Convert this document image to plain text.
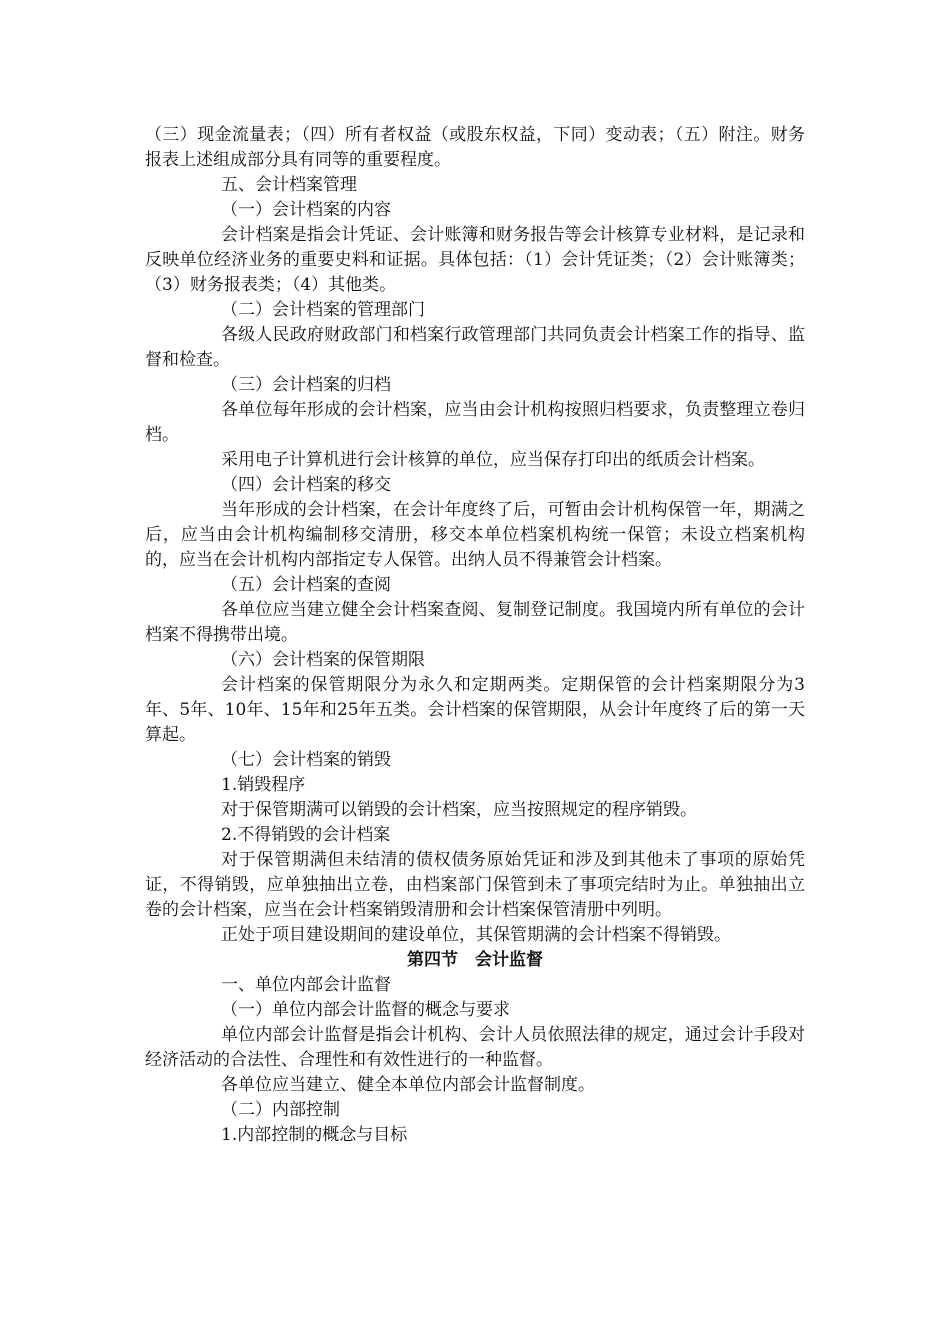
（三）现金流量表；（四）所有者权益（或股东权益，下同）变动表；（五）附注。财务报表上述组成部分具有同等的重要程度。

五、会计档案管理

（一）会计档案的内容

会计档案是指会计凭证、会计账簿和财务报告等会计核算专业材料，是记录和反映单位经济业务的重要史料和证据。具体包括：（1）会计凭证类；（2）会计账簿类；（3）财务报表类；（4）其他类。

（二）会计档案的管理部门

各级人民政府财政部门和档案行政管理部门共同负责会计档案工作的指导、监督和检查。

（三）会计档案的归档

各单位每年形成的会计档案，应当由会计机构按照归档要求，负责整理立卷归档。

采用电子计算机进行会计核算的单位，应当保存打印出的纸质会计档案。

（四）会计档案的移交

当年形成的会计档案，在会计年度终了后，可暂由会计机构保管一年，期满之后，应当由会计机构编制移交清册，移交本单位档案机构统一保管；未设立档案机构的，应当在会计机构内部指定专人保管。出纳人员不得兼管会计档案。

（五）会计档案的查阅

各单位应当建立健全会计档案查阅、复制登记制度。我国境内所有单位的会计档案不得携带出境。

（六）会计档案的保管期限

会计档案的保管期限分为永久和定期两类。定期保管的会计档案期限分为3年、5年、10年、15年和25年五类。会计档案的保管期限，从会计年度终了后的第一天算起。

（七）会计档案的销毁

1.销毁程序

对于保管期满可以销毁的会计档案，应当按照规定的程序销毁。

2.不得销毁的会计档案

对于保管期满但未结清的债权债务原始凭证和涉及到其他未了事项的原始凭证，不得销毁，应单独抽出立卷，由档案部门保管到未了事项完结时为止。单独抽出立卷的会计档案，应当在会计档案销毁清册和会计档案保管清册中列明。

正处于项目建设期间的建设单位，其保管期满的会计档案不得销毁。

第四节　会计监督

一、单位内部会计监督

（一）单位内部会计监督的概念与要求

单位内部会计监督是指会计机构、会计人员依照法律的规定，通过会计手段对经济活动的合法性、合理性和有效性进行的一种监督。

各单位应当建立、健全本单位内部会计监督制度。

（二）内部控制

1.内部控制的概念与目标
